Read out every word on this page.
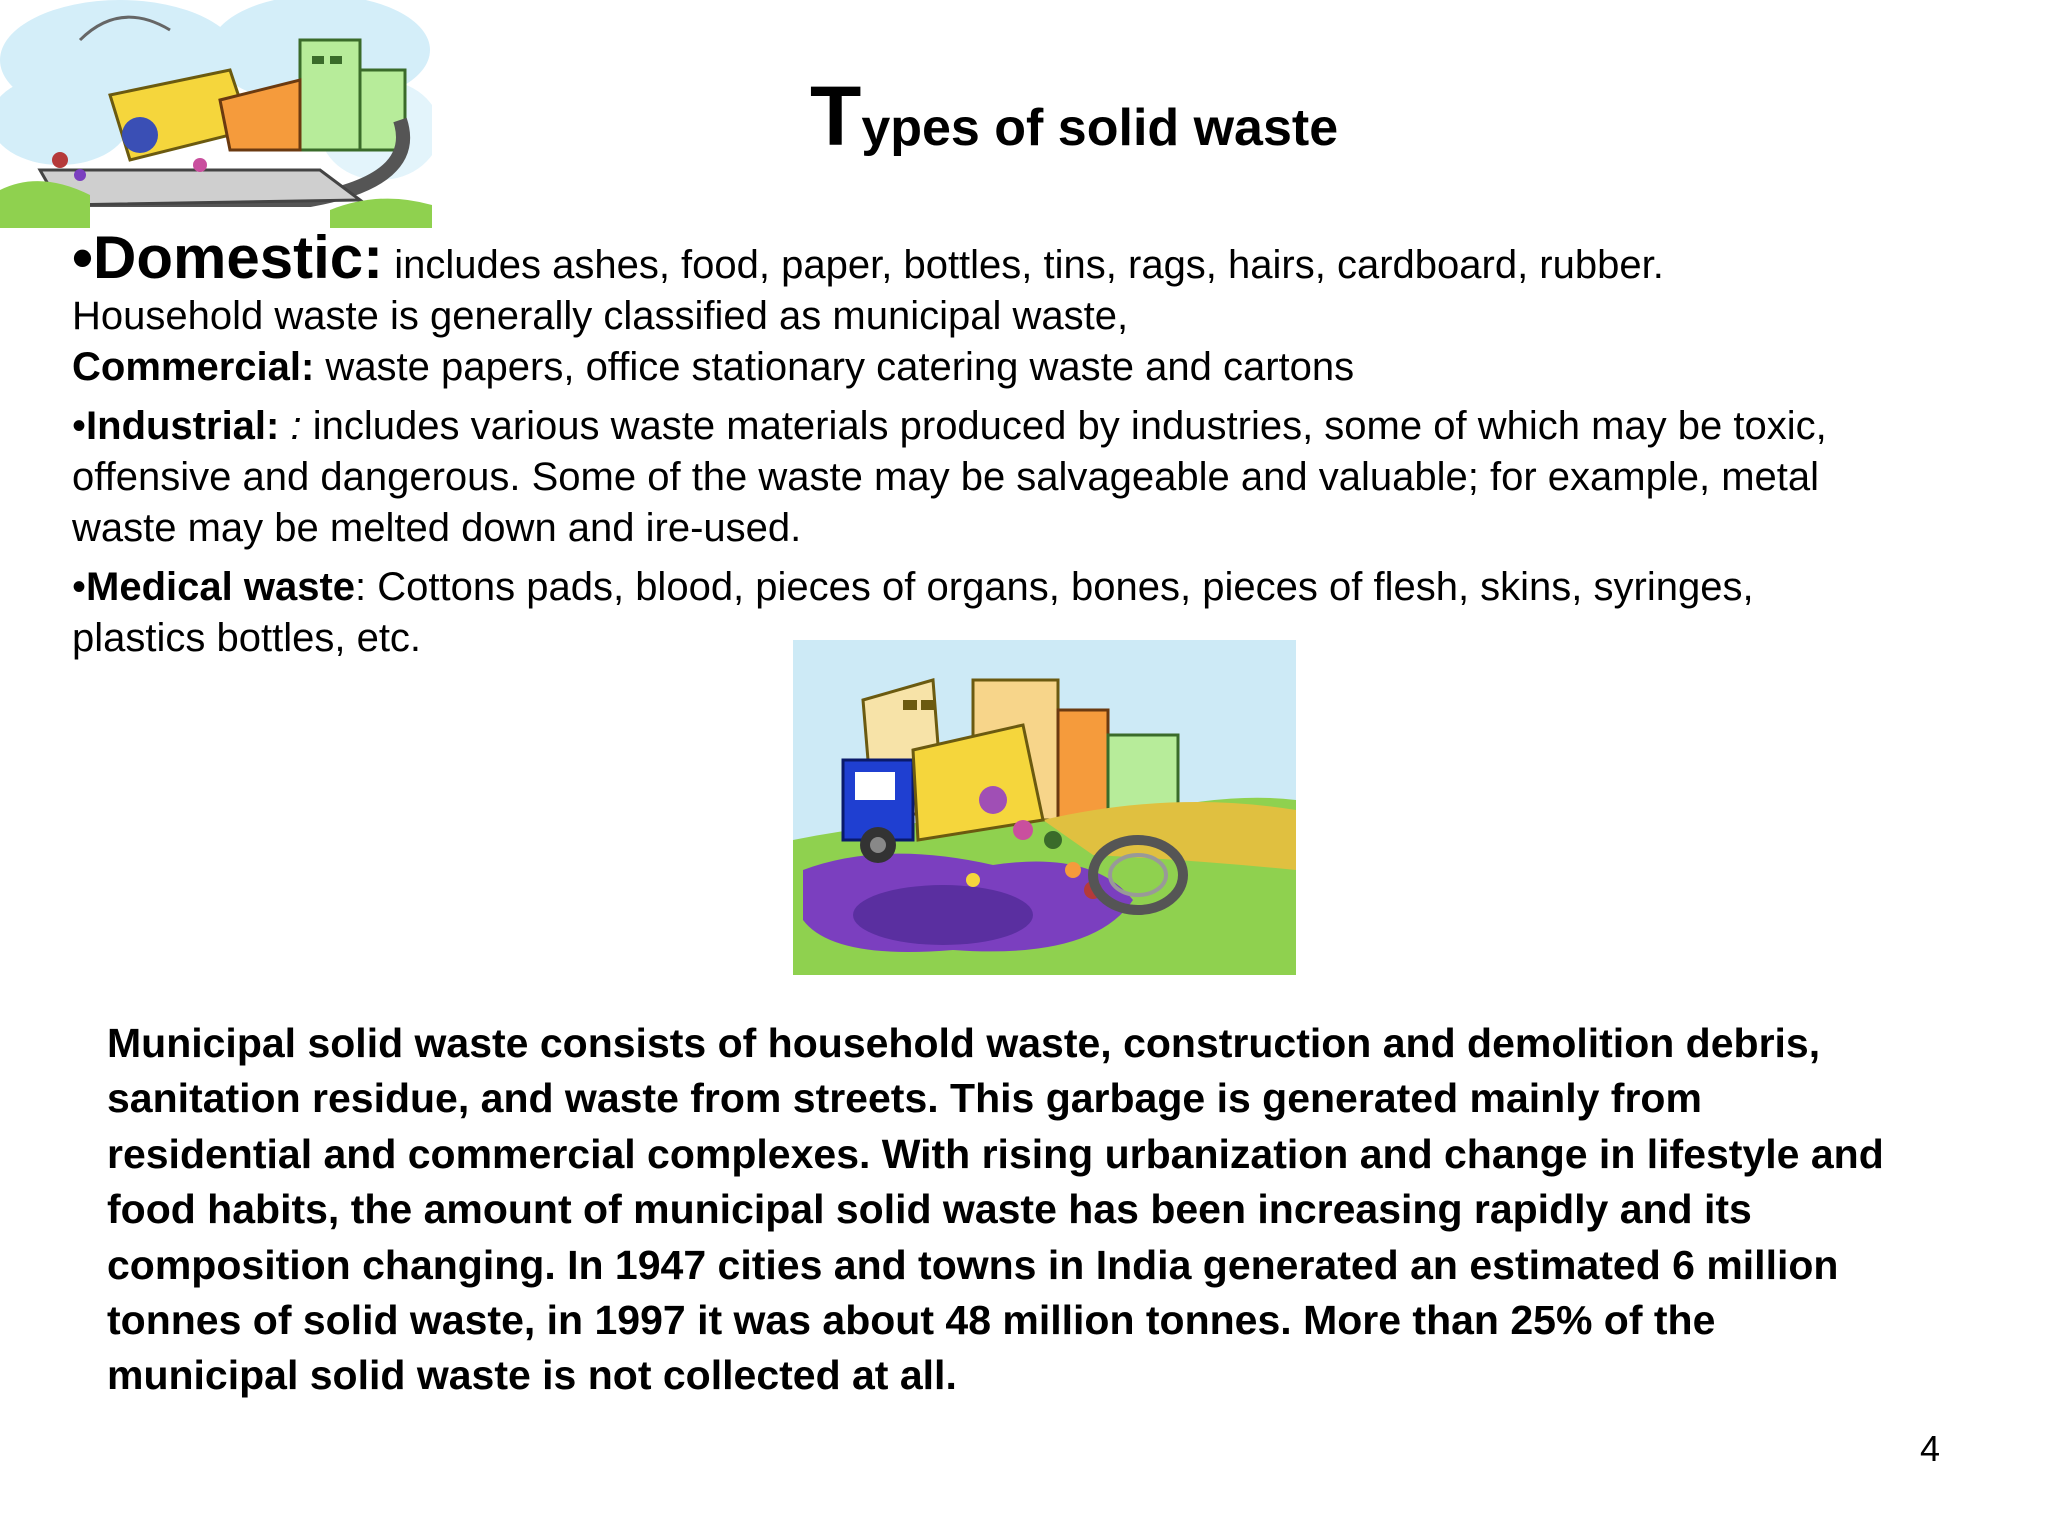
Types of solid waste

•Domestic: includes ashes, food, paper, bottles, tins, rags, hairs, cardboard, rubber. Household waste is generally classified as municipal waste,

Commercial: waste papers, office stationary catering waste and cartons

•Industrial: : includes various waste materials produced by industries, some of which may be toxic, offensive and dangerous. Some of the waste may be salvageable and valuable; for example, metal waste may be melted down and ire-used.

•Medical waste: Cottons pads, blood, pieces of organs, bones, pieces of flesh, skins, syringes, plastics bottles, etc.

Municipal solid waste consists of household waste, construction and demolition debris, sanitation residue, and waste from streets. This garbage is generated mainly from residential and commercial complexes. With rising urbanization and change in lifestyle and food habits, the amount of municipal solid waste has been increasing rapidly and its composition changing. In 1947 cities and towns in India generated an estimated 6 million tonnes of solid waste, in 1997 it was about 48 million tonnes. More than 25% of the municipal solid waste is not collected at all.
4
